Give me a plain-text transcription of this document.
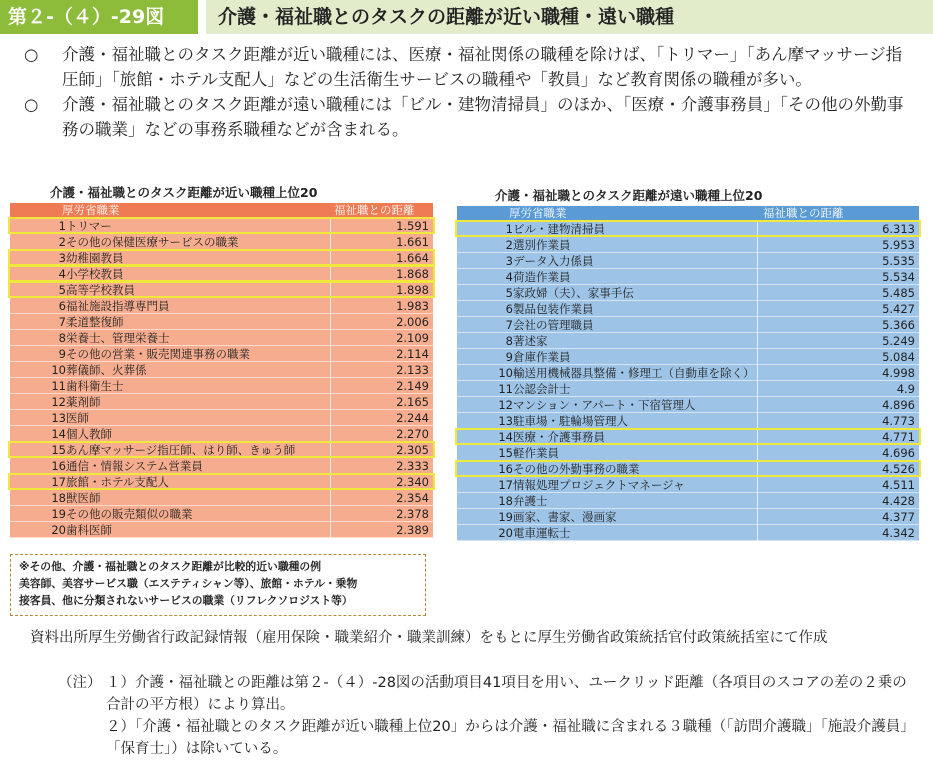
第２-（４）-29図	介護・福祉職とのタスクの距離が近い職種・遠い職種
○ 介護・福祉職とのタスク距離が近い職種には、医療・福祉関係の職種を除けば、「トリマー」「あん摩マッサージ指圧師」「旅館・ホテル支配人」などの生活衛生サービスの職種や「教員」など教育関係の職種が多い。
○ 介護・福祉職とのタスク距離が遠い職種には「ビル・建物清掃員」のほか、「医療・介護事務員」「その他の外勤事務の職業」などの事務系職種などが含まれる。
介護・福祉職とのタスク距離が近い職種上位20
厚労省職業	福祉職との距離
1 トリマー	1.591
2 その他の保健医療サービスの職業	1.661
3 幼稚園教員	1.664
4 小学校教員	1.868
5 高等学校教員	1.898
6 福祉施設指導専門員	1.983
7 柔道整復師	2.006
8 栄養士、管理栄養士	2.109
9 その他の営業・販売関連事務の職業	2.114
10 葬儀師、火葬係	2.133
11 歯科衛生士	2.149
12 薬剤師	2.165
13 医師	2.244
14 個人教師	2.270
15 あん摩マッサージ指圧師、はり師、きゅう師	2.305
16 通信・情報システム営業員	2.333
17 旅館・ホテル支配人	2.340
18 獣医師	2.354
19 その他の販売類似の職業	2.378
20 歯科医師	2.389
介護・福祉職とのタスク距離が遠い職種上位20
厚労省職業	福祉職との距離
1 ビル・建物清掃員	6.313
2 選別作業員	5.953
3 データ入力係員	5.535
4 荷造作業員	5.534
5 家政婦（夫）、家事手伝	5.485
6 製品包装作業員	5.427
7 会社の管理職員	5.366
8 著述家	5.249
9 倉庫作業員	5.084
10 輸送用機械器具整備・修理工（自動車を除く）	4.998
11 公認会計士	4.9
12 マンション・アパート・下宿管理人	4.896
13 駐車場・駐輪場管理人	4.773
14 医療・介護事務員	4.771
15 軽作業員	4.696
16 その他の外勤事務の職業	4.526
17 情報処理プロジェクトマネージャ	4.511
18 弁護士	4.428
19 画家、書家、漫画家	4.377
20 電車運転士	4.342
※その他、介護・福祉職とのタスク距離が比較的近い職種の例
美容師、美容サービス職（エステティシャン等）、旅館・ホテル・乗物
接客員、他に分類されないサービスの職業（リフレクソロジスト等）
資料出所 厚生労働省行政記録情報（雇用保険・職業紹介・職業訓練）をもとに厚生労働省政策統括官付政策統括室にて作成
（注） １）介護・福祉職との距離は第２-（４）-28図の活動項目41項目を用い、ユークリッド距離（各項目のスコアの差の２乗の合計の平方根）により算出。
２）「介護・福祉職とのタスク距離が近い職種上位20」からは介護・福祉職に含まれる３職種（「訪問介護職」「施設介護員」「保育士」）は除いている。
